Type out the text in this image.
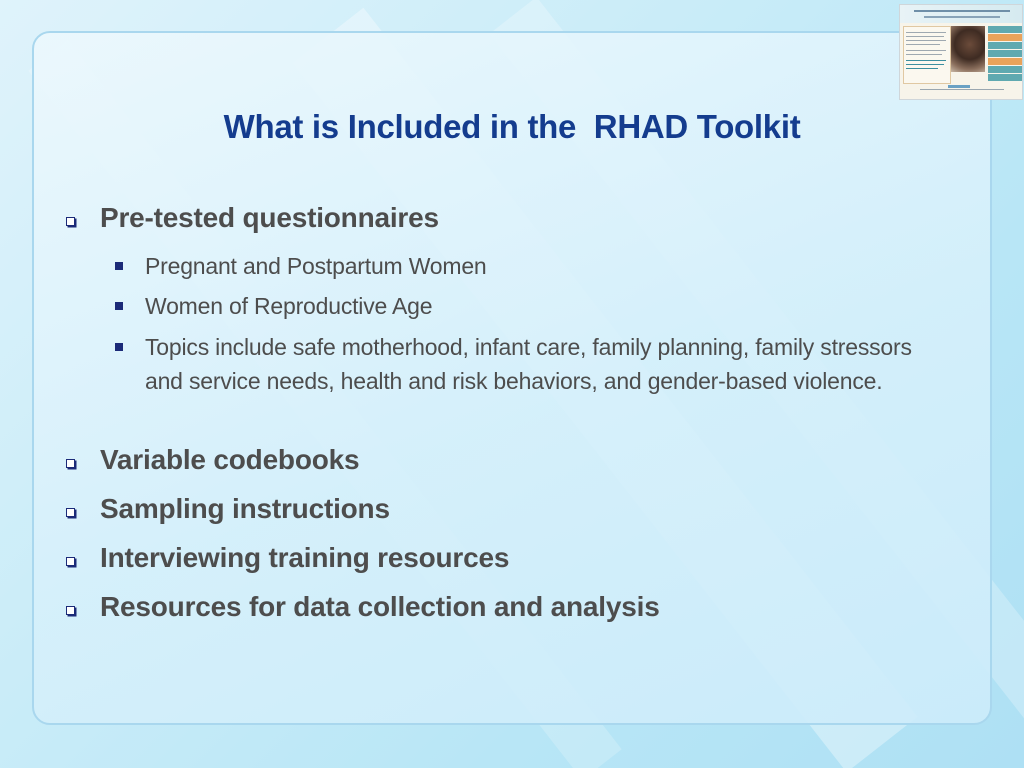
What is Included in the  RHAD Toolkit
Pre-tested questionnaires
Pregnant and Postpartum Women
Women of Reproductive Age
Topics include safe motherhood, infant care, family planning, family stressors and service needs, health and risk behaviors, and gender-based violence.
Variable codebooks
Sampling instructions
Interviewing training resources
Resources for data collection and analysis
